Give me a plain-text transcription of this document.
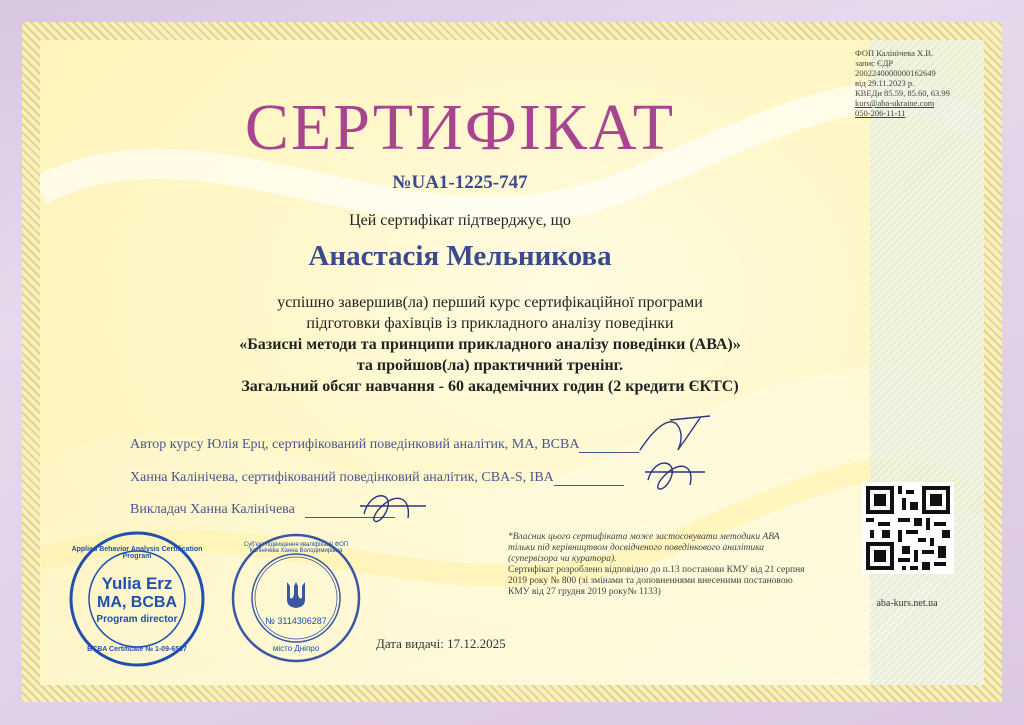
СЕРТИФІКАТ
№UA1-1225-747
Цей сертифікат підтверджує, що
Анастасія Мельникова
успішно завершив(ла) перший курс сертифікаційної програми
підготовки фахівців із прикладного аналізу поведінки
«Базисні методи та принципи прикладного аналізу поведінки (АВА)»
та пройшов(ла) практичний тренінг.
Загальний обсяг навчання - 60 академічних годин (2 кредити ЄКТС)
Автор курсу Юлія Ерц, сертифікований поведінковий аналітик, МА, BCBA
Ханна Калінічева, сертифікований поведінковий аналітик, CBA-S, IBA
Викладач Ханна Калінічева
*Власник цього сертифіката може застосовувати методики АВА тільки під керівництвом досвідченого поведінкового аналітика (супервізора чи куратора).
Сертифікат розроблено відповідно до п.13 постанови КМУ від 21 серпня 2019 року № 800 (зі змінами та доповненнями внесеними постановою КМУ від 27 грудня 2019 року№ 1133)
Дата видачі: 17.12.2025
ФОП Калінічева Х.В.
запис ЄДР
2002240000000162649
від 29.11.2023 р.
КВЕДи 85.59, 85.60, 63.99
kurs@aba-ukraine.com
050-206-11-11
aba-kurs.net.ua
Applied Behavior Analysis Certification Program
Yulia Erz
MA, BCBA
Program director
BCBA Certificate № 1-09-6507
Суб'єкт підвищення кваліфікації ФОП Калінічева Ханна Володимирівна
№ 3114306287
місто Дніпро
